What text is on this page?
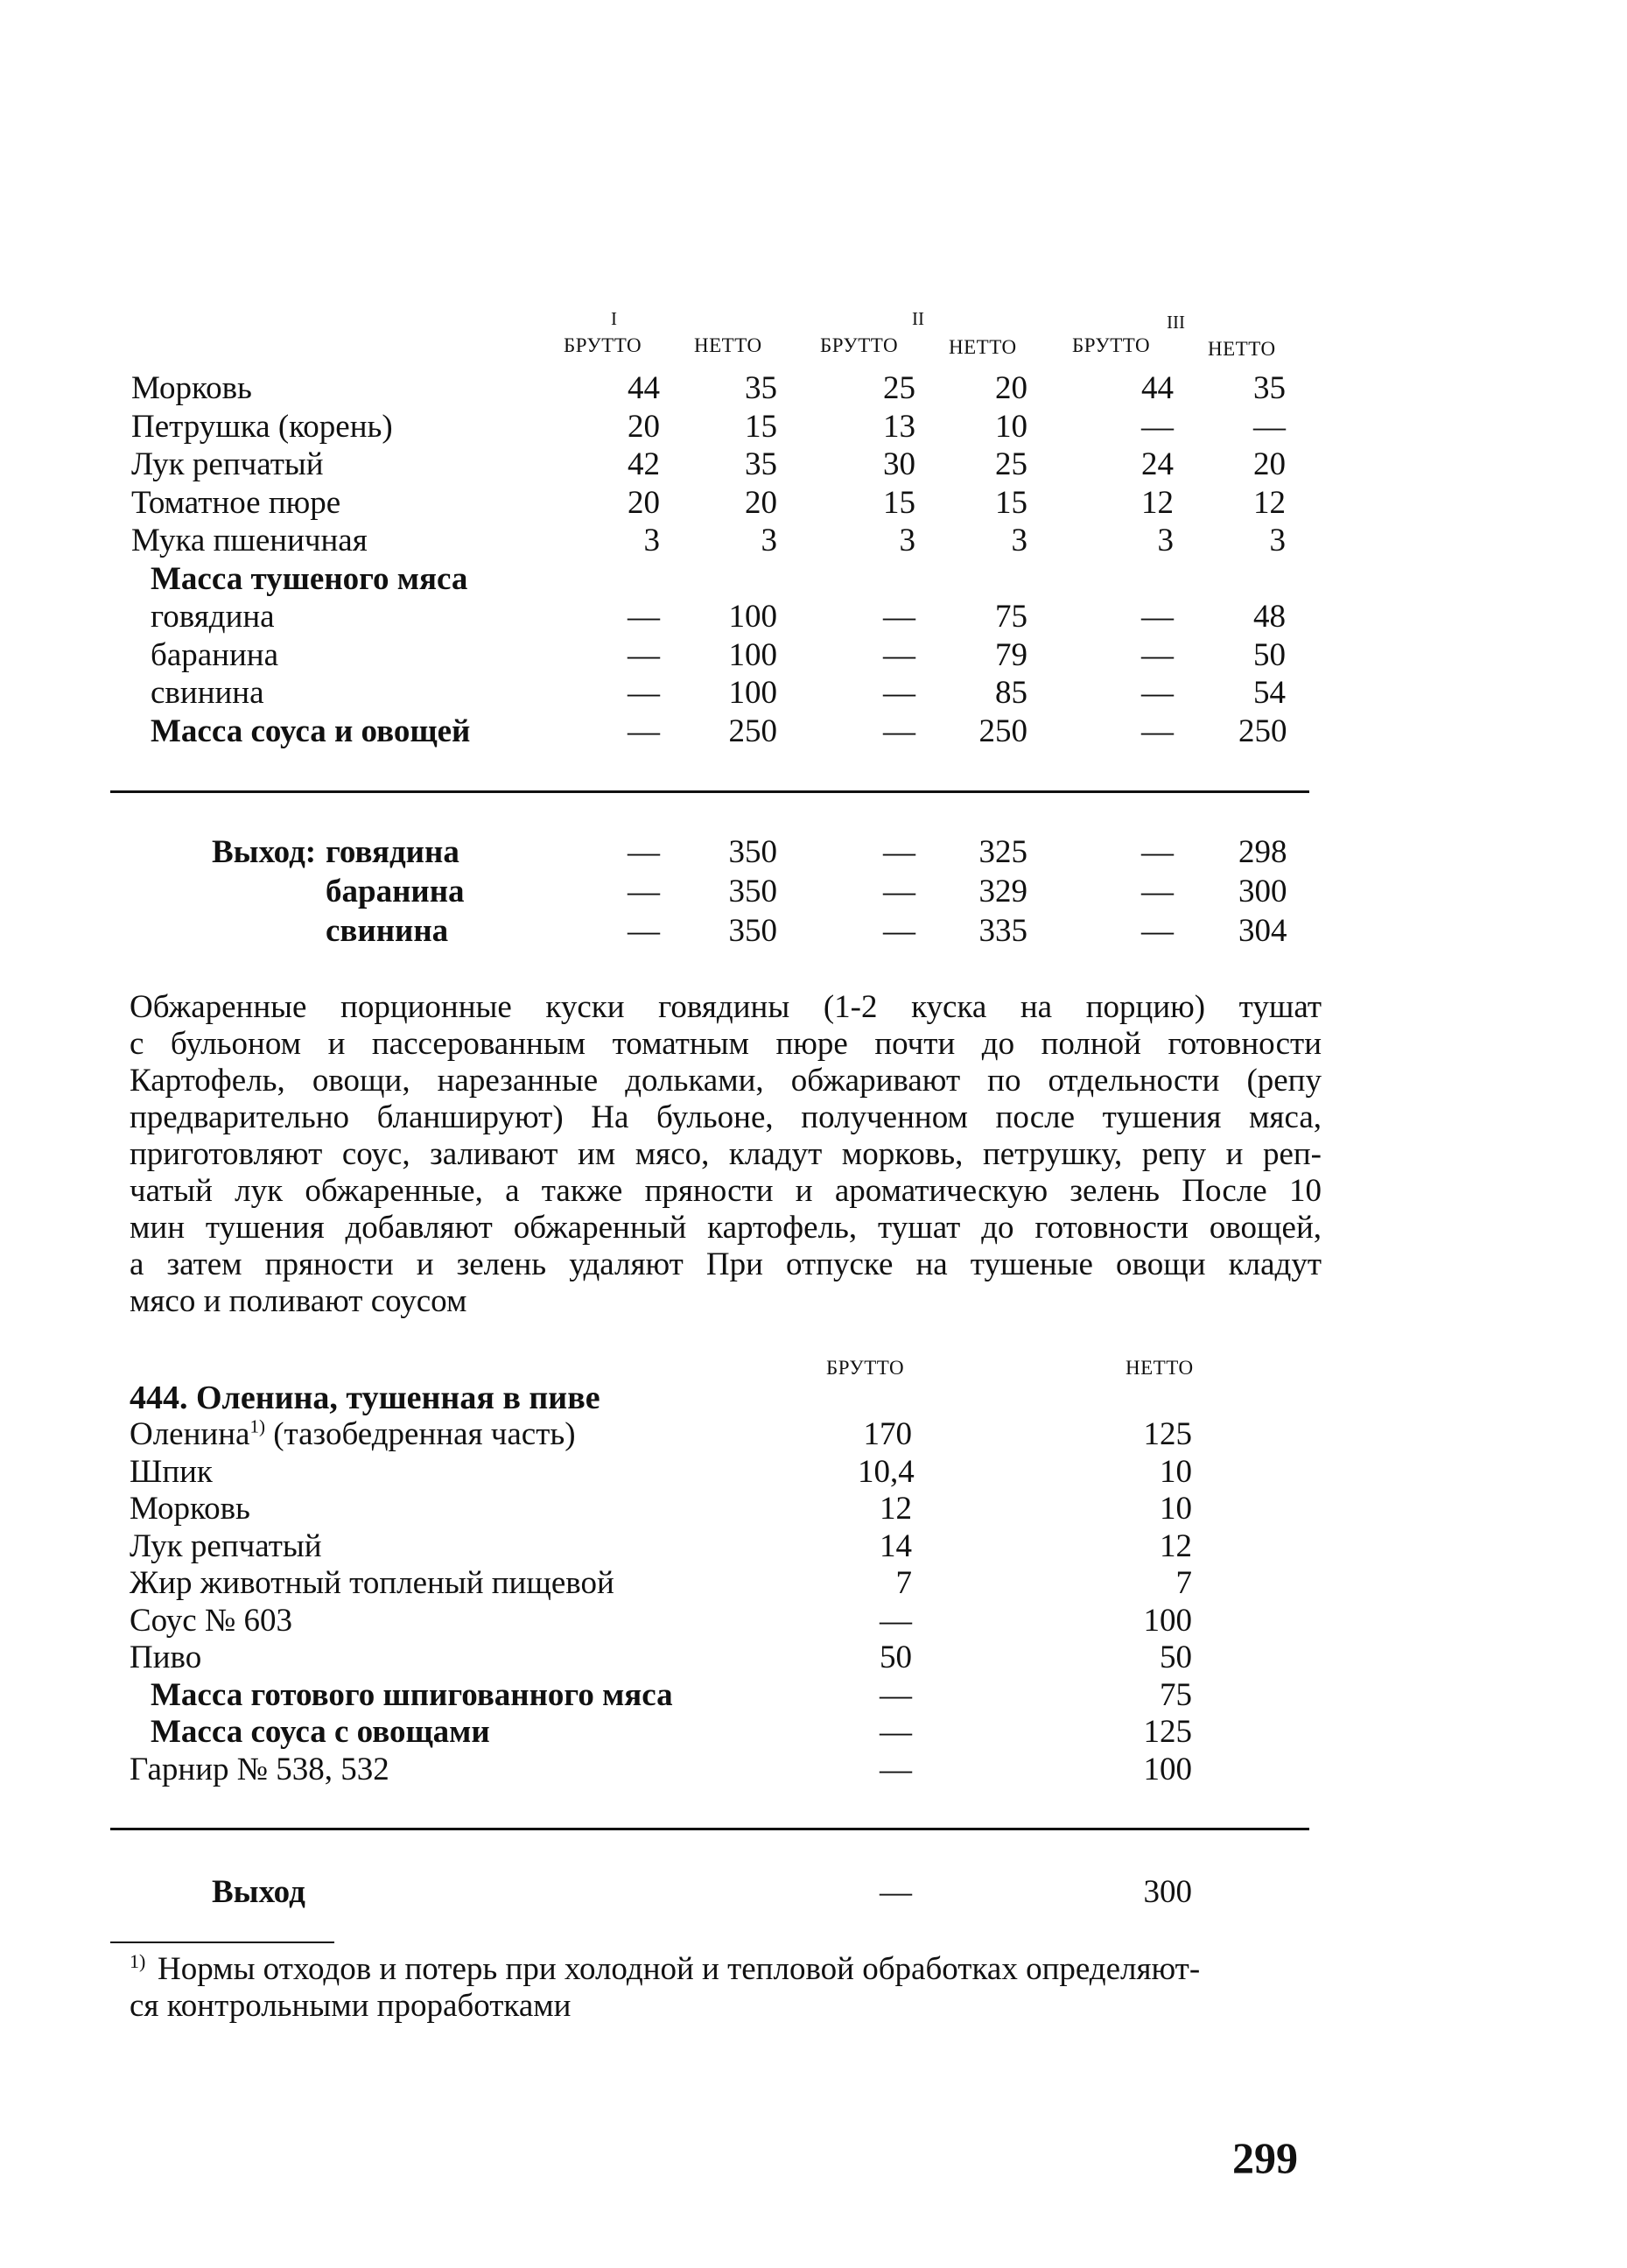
I	II	III
БРУТТО	НЕТТО	БРУТТО	НЕТТО	БРУТТО	НЕТТО
Морковь	44	35	25	20	44	35
Петрушка (корень)	20	15	13	10	—	—
Лук репчатый	42	35	30	25	24	20
Томатное пюре	20	20	15	15	12	12
Мука пшеничная	3	3	3	3	3	3
Масса тушеного мяса
говядина	—	100	—	75	—	48
баранина	—	100	—	79	—	50
свинина	—	100	—	85	—	54
Масса соуса и овощей	—	250	— 250	— 250
Выход: говядина	—	350	— 325	— 298
баранина	—	350	— 329	— 300
свинина	—	350	— 335	— 304
Обжаренные порционные куски говядины (1-2 куска на порцию) тушат
с бульоном и пассерованным томатным пюре почти до полной готовности
Картофель, овощи, нарезанные дольками, обжаривают по отдельности (репу
предварительно бланшируют) На бульоне, полученном после тушения мяса,
приготовляют соус, заливают им мясо, кладут морковь, петрушку, репу и реп-
чатый лук обжаренные, а также пряности и ароматическую зелень После 10
мин тушения добавляют обжаренный картофель, тушат до готовности овощей,
а затем пряности и зелень удаляют При отпуске на тушеные овощи кладут
мясо и поливают соусом
БРУТТО	НЕТТО
444. Оленина, тушенная в пиве
Оленина$^{1)}$ (тазобедренная часть)	170	125
Шпик	10,4	10
Морковь	12	10
Лук репчатый	14	12
Жир животный топленый пищевой	7	7
Соус № 603	—	100
Пиво	50	50
Масса готового шпигованного мяса	—	75
Масса соуса с овощами	—	125
Гарнир № 538, 532	—	100
Выход	—	300
1) Нормы отходов и потерь при холодной и тепловой обработках определяют-
ся контрольными проработками
299
